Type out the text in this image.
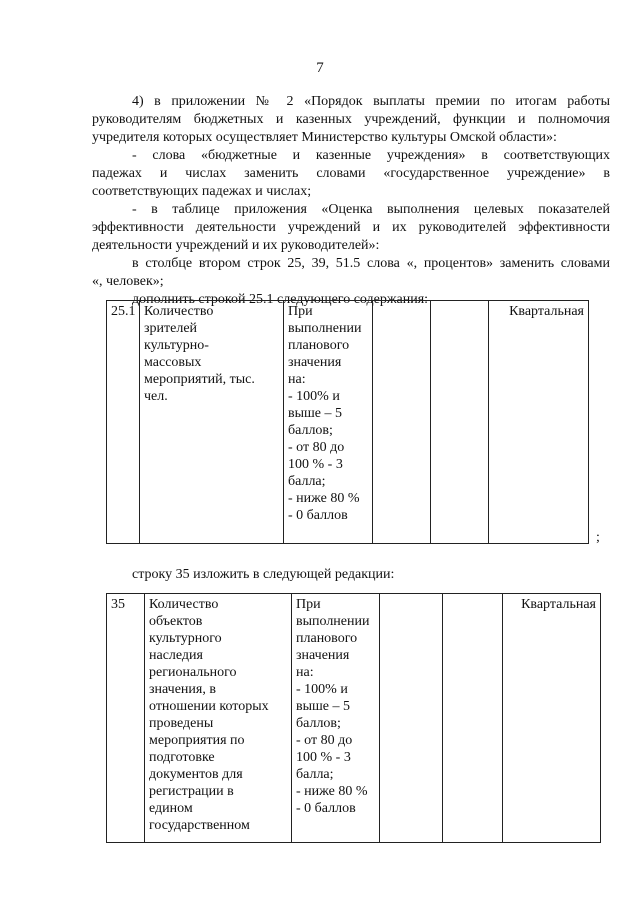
7
4) в приложении № 2 «Порядок выплаты премии по итогам работы
руководителям бюджетных и казенных учреждений, функции и полномочия
учредителя которых осуществляет Министерство культуры Омской области»:
- слова «бюджетные и казенные учреждения» в соответствующих
падежах и числах заменить словами «государственное учреждение» в
соответствующих падежах и числах;
- в таблице приложения «Оценка выполнения целевых показателей
эффективности деятельности учреждений и их руководителей эффективности
деятельности учреждений и их руководителей»:
в столбце втором строк 25, 39, 51.5 слова «, процентов» заменить словами
«, человек»;
дополнить строкой 25.1 следующего содержания:
25.1	Количество
зрителей
культурно-
массовых
мероприятий, тыс.
чел.	При
выполнении
планового
значения
на:
- 100% и
выше – 5
баллов;
- от 80 до
100 % - 3
балла;
- ниже 80 %
- 0 баллов			Квартальная
;
строку 35 изложить в следующей редакции:
35	Количество
объектов
культурного
наследия
регионального
значения, в
отношении которых
проведены
мероприятия по
подготовке
документов для
регистрации в
едином
государственном	При
выполнении
планового
значения
на:
- 100% и
выше – 5
баллов;
- от 80 до
100 % - 3
балла;
- ниже 80 %
- 0 баллов			Квартальная
